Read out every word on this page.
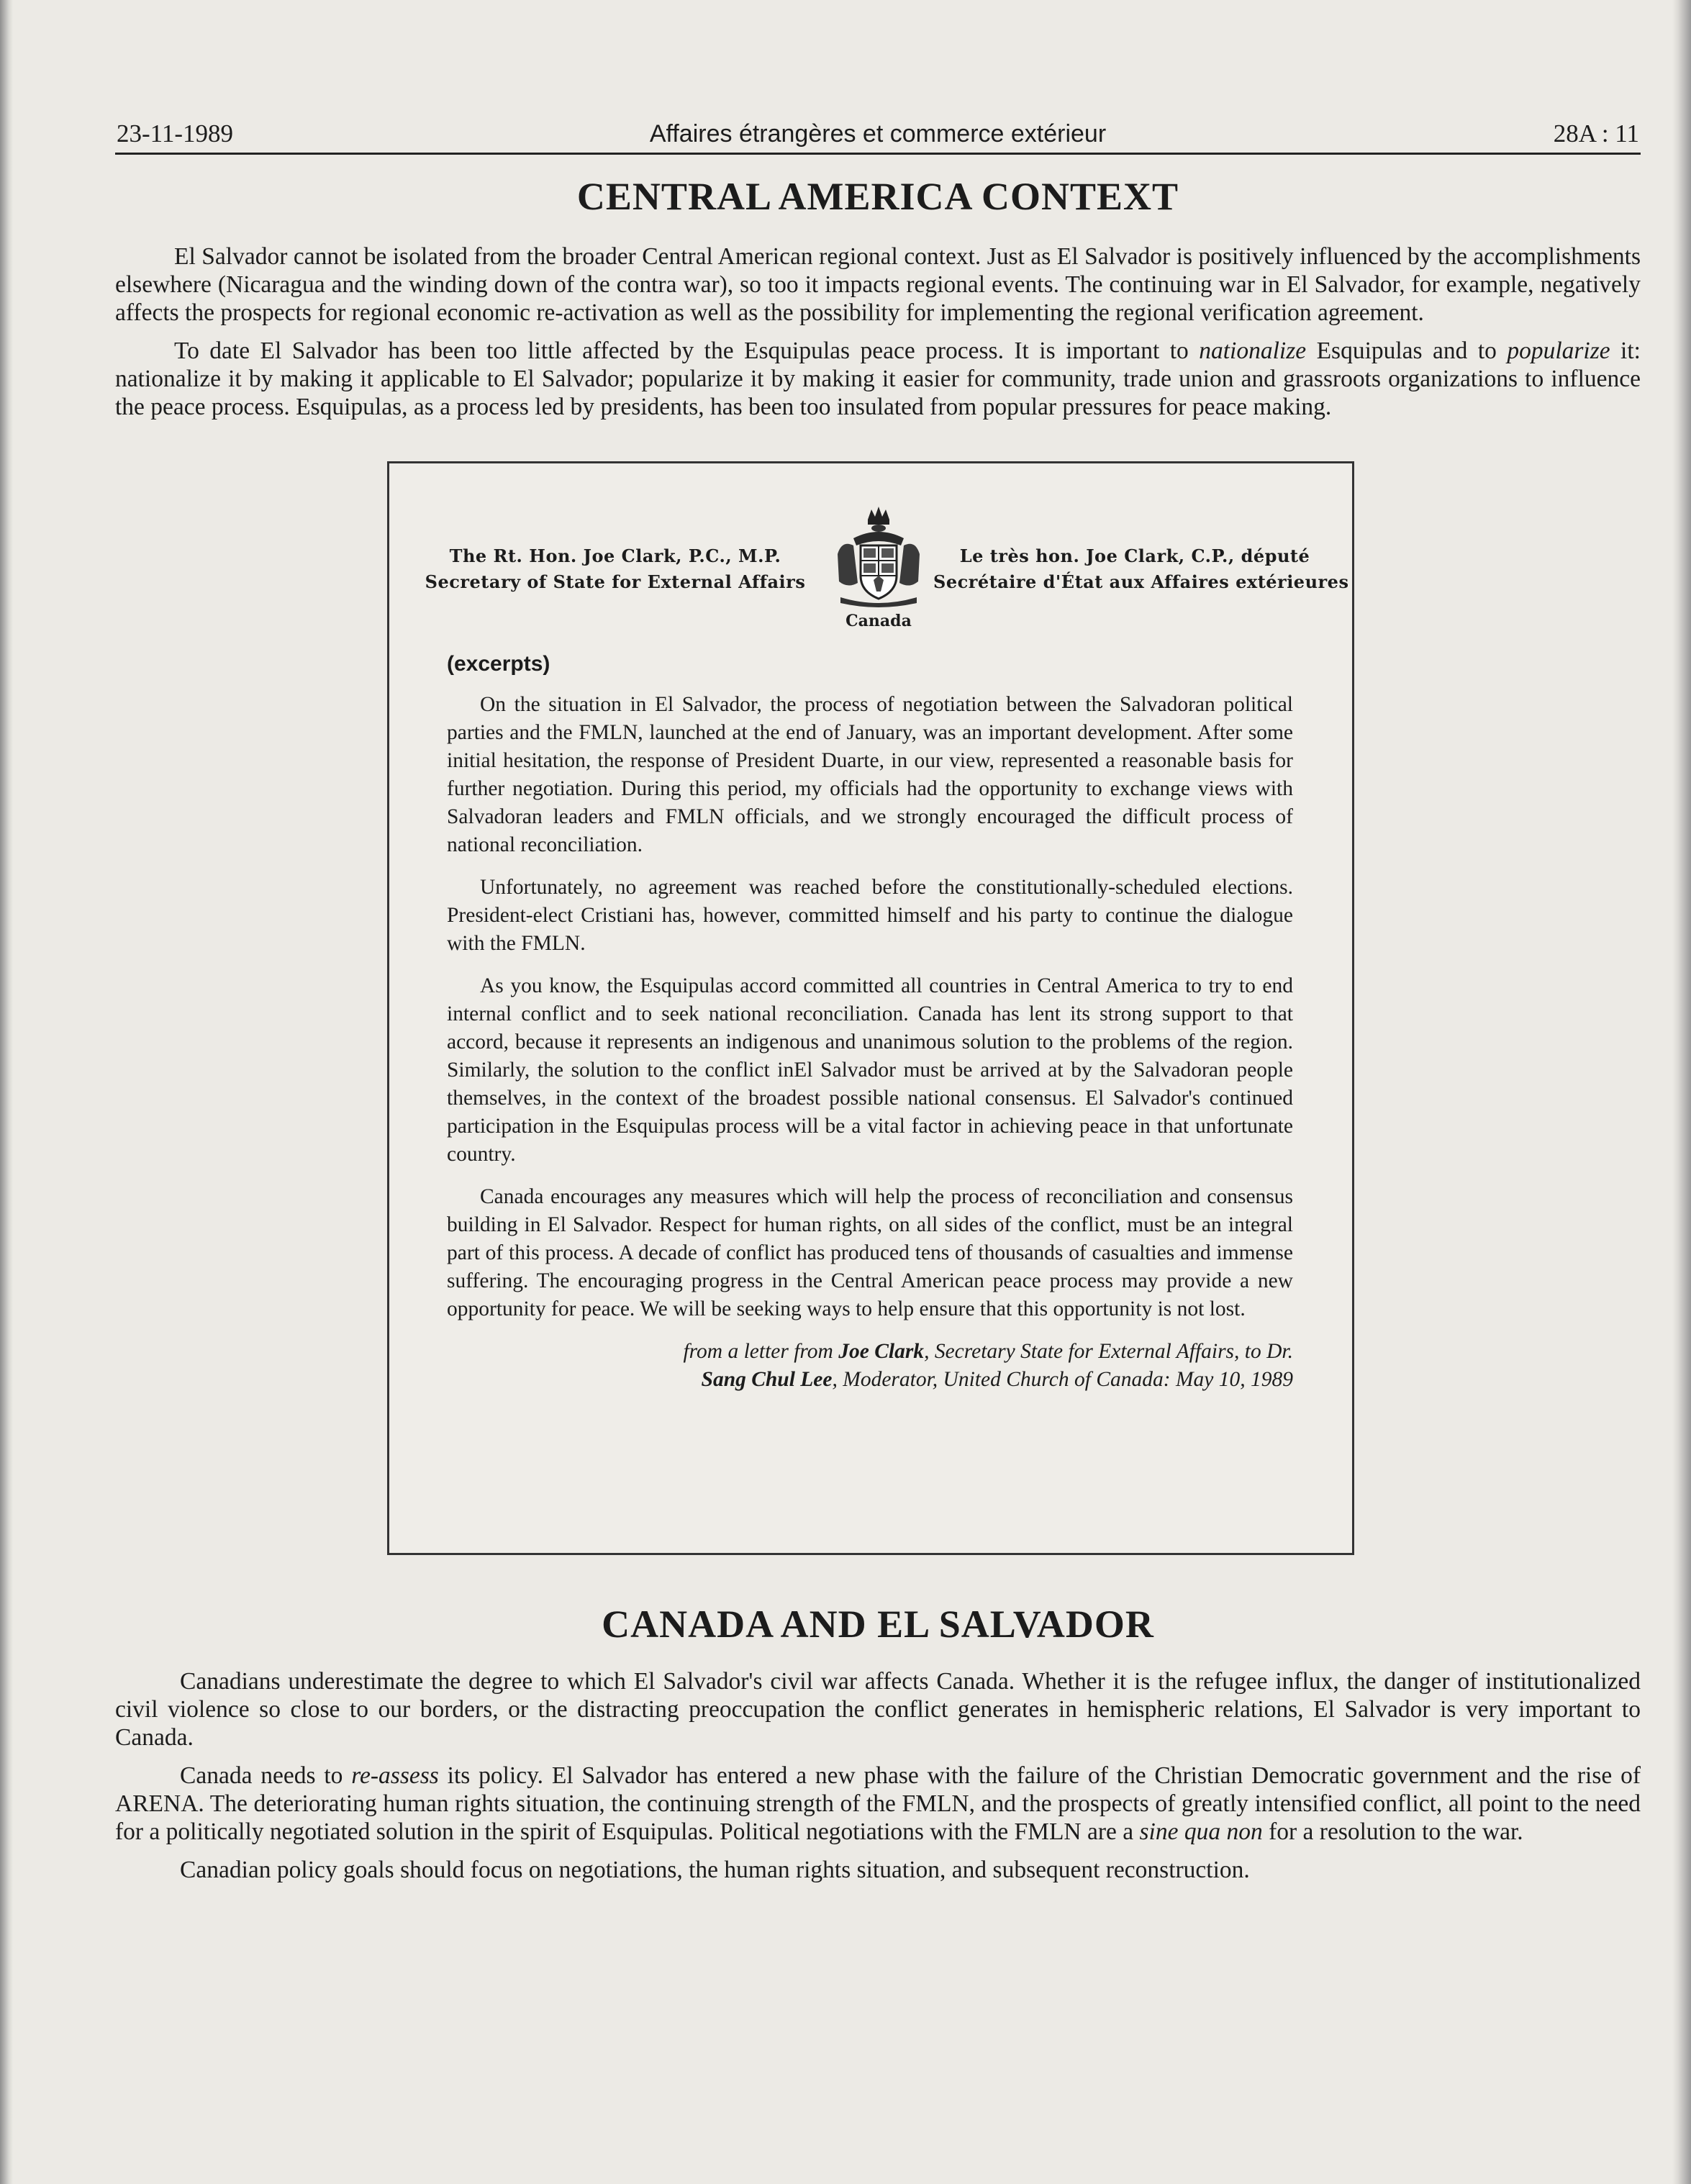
23-11-1989	Affaires étrangères et commerce extérieur	28A : 11
CENTRAL AMERICA CONTEXT

El Salvador cannot be isolated from the broader Central American regional context. Just as El Salvador is positively influenced by the accomplishments elsewhere (Nicaragua and the winding down of the contra war), so too it impacts regional events. The continuing war in El Salvador, for example, negatively affects the prospects for regional economic re-activation as well as the possibility for implementing the regional verification agreement.

To date El Salvador has been too little affected by the Esquipulas peace process. It is important to nationalize Esquipulas and to popularize it: nationalize it by making it applicable to El Salvador; popularize it by making it easier for community, trade union and grassroots organizations to influence the peace process. Esquipulas, as a process led by presidents, has been too insulated from popular pressures for peace making.

The Rt. Hon. Joe Clark, P.C., M.P.
Secretary of State for External Affairs
Canada
Le très hon. Joe Clark, C.P., député
Secrétaire d'État aux Affaires extérieures

(excerpts)

On the situation in El Salvador, the process of negotiation between the Salvadoran political parties and the FMLN, launched at the end of January, was an important development. After some initial hesitation, the response of President Duarte, in our view, represented a reasonable basis for further negotiation. During this period, my officials had the opportunity to exchange views with Salvadoran leaders and FMLN officials, and we strongly encouraged the difficult process of national reconciliation.

Unfortunately, no agreement was reached before the constitutionally-scheduled elections. President-elect Cristiani has, however, committed himself and his party to continue the dialogue with the FMLN.

As you know, the Esquipulas accord committed all countries in Central America to try to end internal conflict and to seek national reconciliation. Canada has lent its strong support to that accord, because it represents an indigenous and unanimous solution to the problems of the region. Similarly, the solution to the conflict inEl Salvador must be arrived at by the Salvadoran people themselves, in the context of the broadest possible national consensus. El Salvador's continued participation in the Esquipulas process will be a vital factor in achieving peace in that unfortunate country.

Canada encourages any measures which will help the process of reconciliation and consensus building in El Salvador. Respect for human rights, on all sides of the conflict, must be an integral part of this process. A decade of conflict has produced tens of thousands of casualties and immense suffering. The encouraging progress in the Central American peace process may provide a new opportunity for peace. We will be seeking ways to help ensure that this opportunity is not lost.

from a letter from Joe Clark, Secretary State for External Affairs, to Dr.
Sang Chul Lee, Moderator, United Church of Canada: May 10, 1989
CANADA AND EL SALVADOR

Canadians underestimate the degree to which El Salvador's civil war affects Canada. Whether it is the refugee influx, the danger of institutionalized civil violence so close to our borders, or the distracting preoccupation the conflict generates in hemispheric relations, El Salvador is very important to Canada.

Canada needs to re-assess its policy. El Salvador has entered a new phase with the failure of the Christian Democratic government and the rise of ARENA. The deteriorating human rights situation, the continuing strength of the FMLN, and the prospects of greatly intensified conflict, all point to the need for a politically negotiated solution in the spirit of Esquipulas. Political negotiations with the FMLN are a sine qua non for a resolution to the war.

Canadian policy goals should focus on negotiations, the human rights situation, and subsequent reconstruction.
